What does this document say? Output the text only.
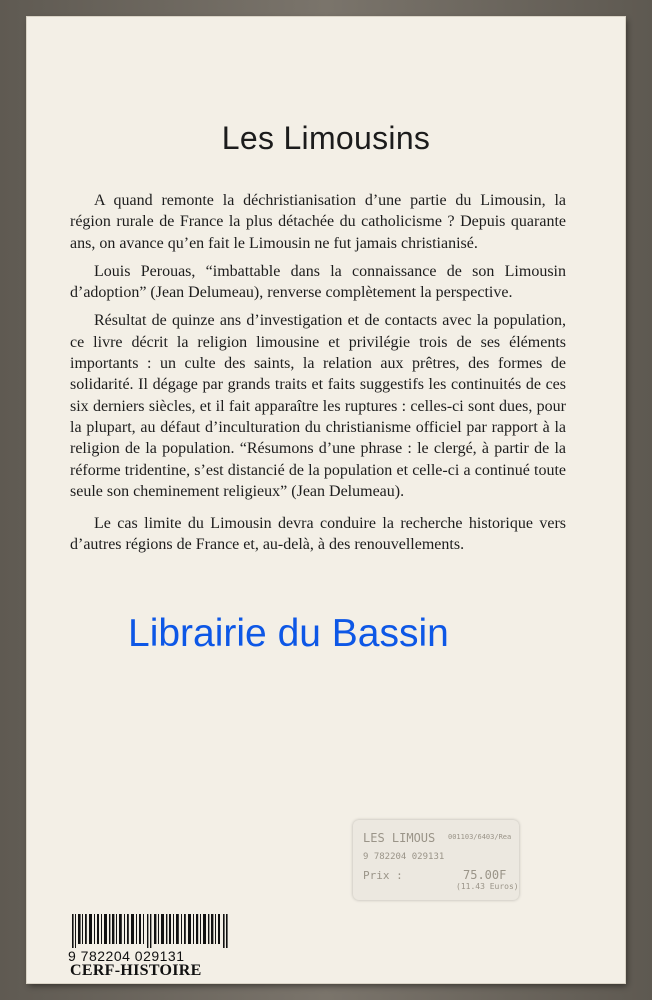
Les Limousins

A quand remonte la déchristianisation d’une partie du Limousin, la région rurale de France la plus détachée du catholicisme ? Depuis quarante ans, on avance qu’en fait le Limousin ne fut jamais christianisé.

Louis Perouas, “imbattable dans la connaissance de son Limousin d’adoption” (Jean Delumeau), renverse complètement la perspective.

Résultat de quinze ans d’investigation et de contacts avec la population, ce livre décrit la religion limousine et privilégie trois de ses éléments importants : un culte des saints, la relation aux prêtres, des formes de solidarité. Il dégage par grands traits et faits suggestifs les continuités de ces six derniers siècles, et il fait apparaître les ruptures : celles-ci sont dues, pour la plupart, au défaut d’inculturation du christianisme officiel par rapport à la religion de la population. “Résumons d’une phrase : le clergé, à partir de la réforme tridentine, s’est distancié de la population et celle-ci a continué toute seule son cheminement religieux” (Jean Delumeau).

Le cas limite du Limousin devra conduire la recherche historique vers d’autres régions de France et, au-delà, à des renouvellements.

9 782204 029131
CERF-HISTOIRE
Librairie du Bassin
LES LIMOUS 001103/6403/Rea
9 782204 029131
Prix :	75.00F
(11.43 Euros)
